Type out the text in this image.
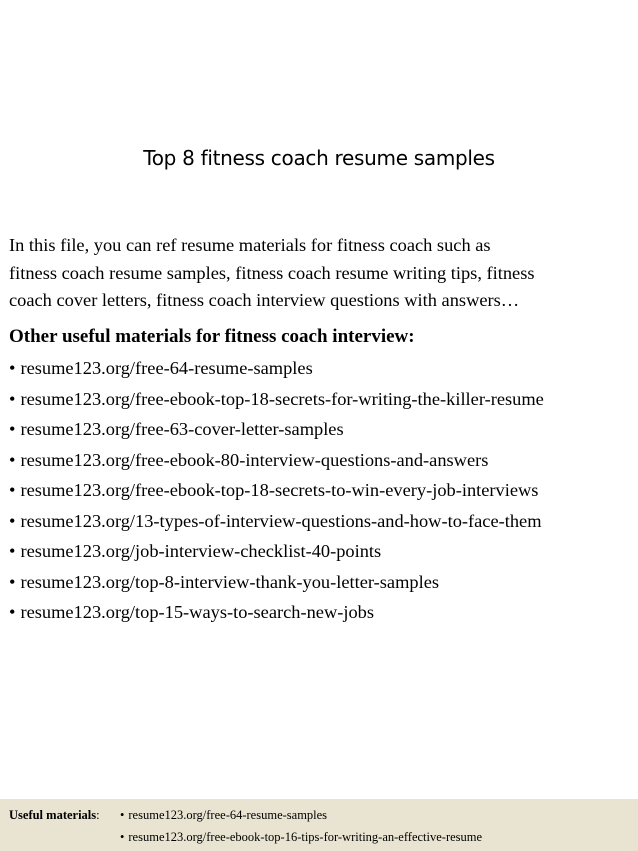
Top 8 fitness coach resume samples
In this file, you can ref resume materials for fitness coach such as
fitness coach resume samples, fitness coach resume writing tips, fitness
coach cover letters, fitness coach interview questions with answers…
Other useful materials for fitness coach interview:
• resume123.org/free-64-resume-samples
• resume123.org/free-ebook-top-18-secrets-for-writing-the-killer-resume
• resume123.org/free-63-cover-letter-samples
• resume123.org/free-ebook-80-interview-questions-and-answers
• resume123.org/free-ebook-top-18-secrets-to-win-every-job-interviews
• resume123.org/13-types-of-interview-questions-and-how-to-face-them
• resume123.org/job-interview-checklist-40-points
• resume123.org/top-8-interview-thank-you-letter-samples
• resume123.org/top-15-ways-to-search-new-jobs
Useful materials:
•	resume123.org/free-64-resume-samples
• resume123.org/free-ebook-top-16-tips-for-writing-an-effective-resume
